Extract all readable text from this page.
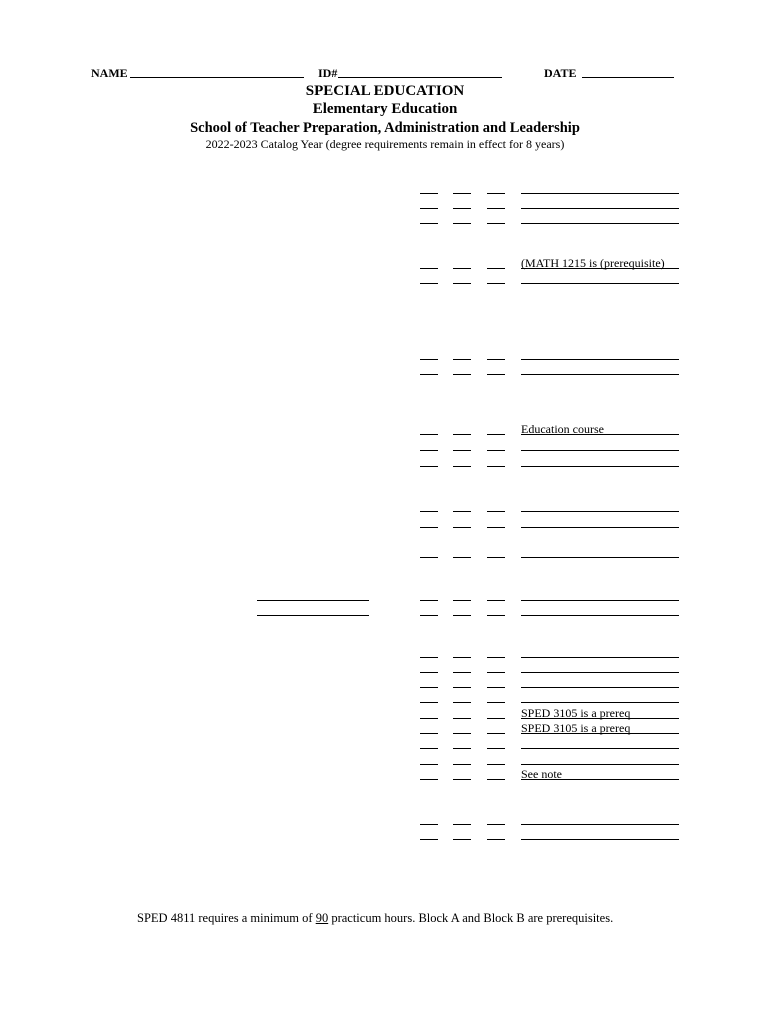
NAME	ID#	DATE
SPECIAL EDUCATION
Elementary Education
School of Teacher Preparation, Administration and Leadership
2022-2023 Catalog Year (degree requirements remain in effect for 8 years)
(MATH 1215 is (prerequisite)
Education course
SPED 3105 is a prereq
SPED 3105 is a prereq
See note
SPED 4811 requires a minimum of 90 practicum hours. Block A and Block B are prerequisites.
